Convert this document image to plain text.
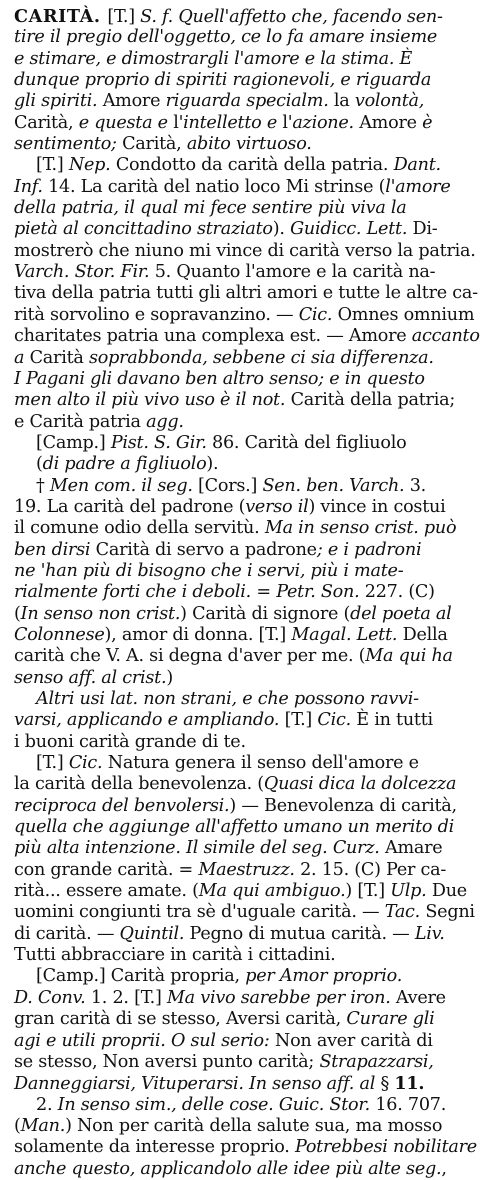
CARITÀ. [T.] S. f. Quell'affetto che, facendo sen-
tire il pregio dell'oggetto, ce lo fa amare insieme
e stimare, e dimostrargli l'amore e la stima. È
dunque proprio di spiriti ragionevoli, e riguarda
gli spiriti. Amore riguarda specialm. la volontà,
Carità, e questa e l'intelletto e l'azione. Amore è
sentimento; Carità, abito virtuoso.
[T.] Nep. Condotto da carità della patria. Dant.
Inf. 14. La carità del natio loco Mi strinse (l'amore
della patria, il qual mi fece sentire più viva la
pietà al concittadino straziato). Guidicc. Lett. Di-
mostrerò che niuno mi vince di carità verso la patria.
Varch. Stor. Fir. 5. Quanto l'amore e la carità na-
tiva della patria tutti gli altri amori e tutte le altre ca-
rità sorvolino e sopravanzino. — Cic. Omnes omnium
charitates patria una complexa est. — Amore accanto
a Carità soprabbonda, sebbene ci sia differenza.
I Pagani gli davano ben altro senso; e in questo
men alto il più vivo uso è il not. Carità della patria;
e Carità patria agg.
[Camp.] Pist. S. Gir. 86. Carità del figliuolo
(di padre a figliuolo).
† Men com. il seg. [Cors.] Sen. ben. Varch. 3.
19. La carità del padrone (verso il) vince in costui
il comune odio della servitù. Ma in senso crist. può
ben dirsi Carità di servo a padrone; e i padroni
ne 'han più di bisogno che i servi, più i mate-
rialmente forti che i deboli. = Petr. Son. 227. (C)
(In senso non crist.) Carità di signore (del poeta al
Colonnese), amor di donna. [T.] Magal. Lett. Della
carità che V. A. si degna d'aver per me. (Ma qui ha
senso aff. al crist.)
Altri usi lat. non strani, e che possono ravvi-
varsi, applicando e ampliando. [T.] Cic. È in tutti
i buoni carità grande di te.
[T.] Cic. Natura genera il senso dell'amore e
la carità della benevolenza. (Quasi dica la dolcezza
reciproca del benvolersi.) — Benevolenza di carità,
quella che aggiunge all'affetto umano un merito di
più alta intenzione. Il simile del seg. Curz. Amare
con grande carità. = Maestruzz. 2. 15. (C) Per ca-
rità... essere amate. (Ma qui ambiguo.) [T.] Ulp. Due
uomini congiunti tra sè d'uguale carità. — Tac. Segni
di carità. — Quintil. Pegno di mutua carità. — Liv.
Tutti abbracciare in carità i cittadini.
[Camp.] Carità propria, per Amor proprio.
D. Conv. 1. 2. [T.] Ma vivo sarebbe per iron. Avere
gran carità di se stesso, Aversi carità, Curare gli
agi e utili proprii. O sul serio: Non aver carità di
se stesso, Non aversi punto carità; Strapazzarsi,
Danneggiarsi, Vituperarsi. In senso aff. al § 11.
2. In senso sim., delle cose. Guic. Stor. 16. 707.
(Man.) Non per carità della salute sua, ma mosso
solamente da interesse proprio. Potrebbesi nobilitare
anche questo, applicandolo alle idee più alte seg.,
